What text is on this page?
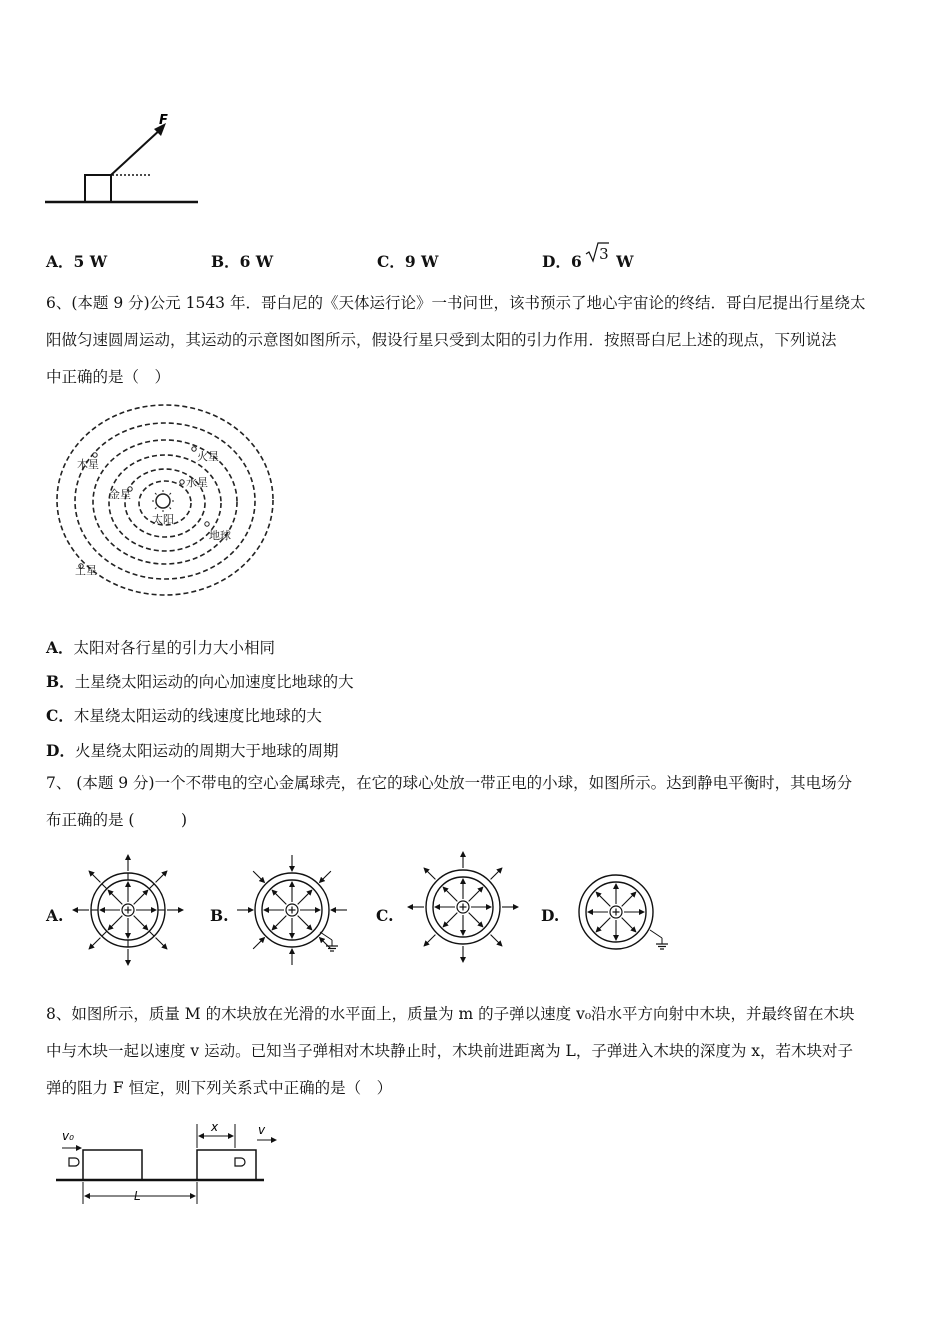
F
A．5 W	B．6 W	C．9 W	D．6 3 W
6、(本题 9 分)公元 1543 年．哥白尼的《天体运行论》一书问世，该书预示了地心宇宙论的终结．哥白尼提出行星绕太
阳做匀速圆周运动，其运动的示意图如图所示，假设行星只受到太阳的引力作用．按照哥白尼上述的现点，下列说法
中正确的是（　）
太阳
水星
金星
地球
火星
木星
土星
A．太阳对各行星的引力大小相同
B．土星绕太阳运动的向心加速度比地球的大
C．木星绕太阳运动的线速度比地球的大
D．火星绕太阳运动的周期大于地球的周期
7、 (本题 9 分)一个不带电的空心金属球壳，在它的球心处放一带正电的小球，如图所示。达到静电平衡时，其电场分
布正确的是 (　　　)
A.	B.	C.	D.
8、如图所示，质量 M 的木块放在光滑的水平面上，质量为 m 的子弹以速度 v₀沿水平方向射中木块，并最终留在木块
中与木块一起以速度 v 运动。已知当子弹相对木块静止时，木块前进距离为 L，子弹进入木块的深度为 x，若木块对子
弹的阻力 F 恒定，则下列关系式中正确的是（　）
v₀
x	v
L
